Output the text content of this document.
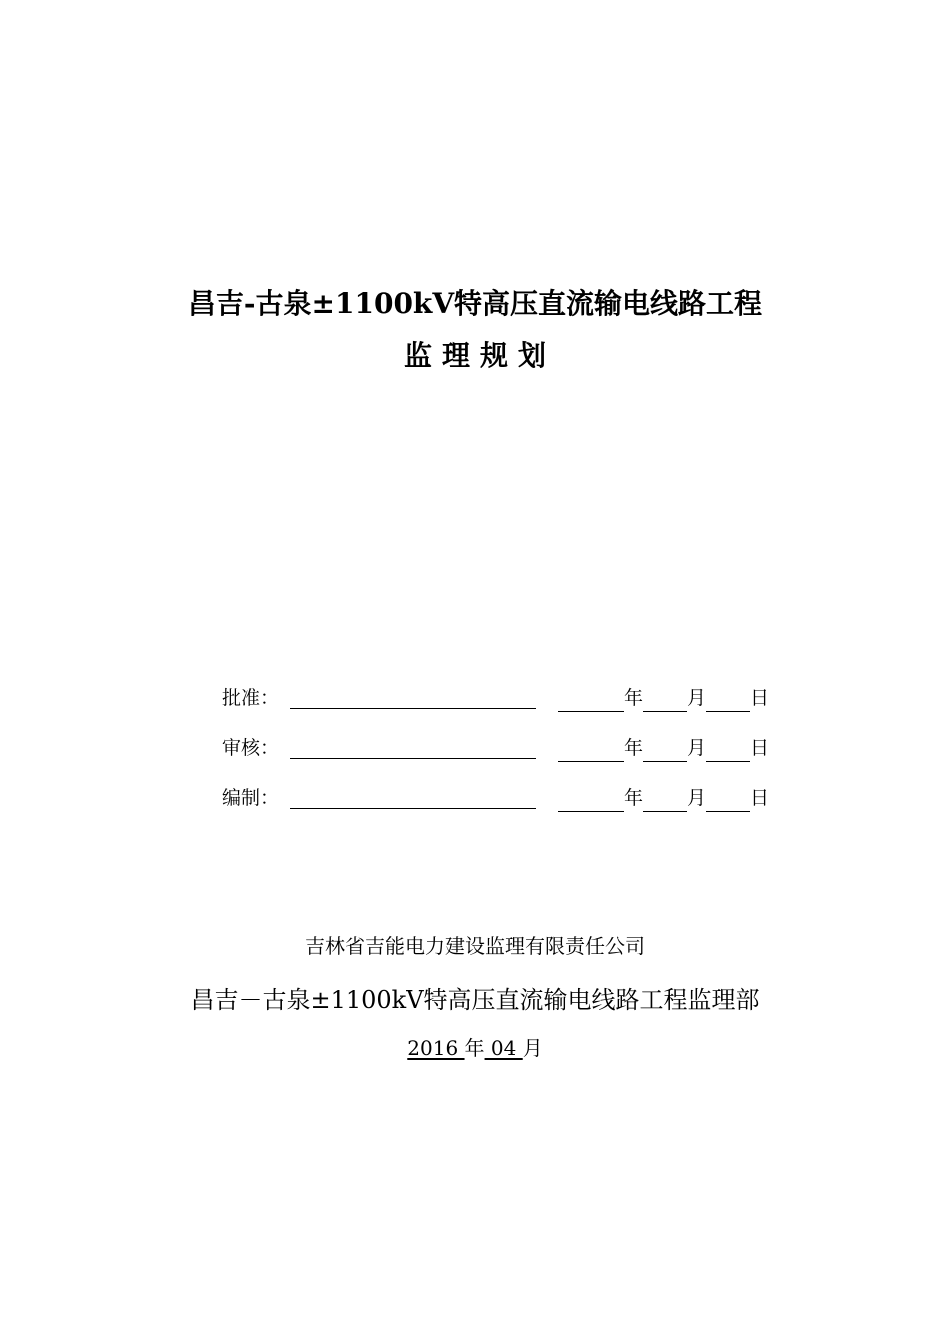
昌吉-古泉±1100kV特高压直流输电线路工程
监理规划
批准：	年 月 日
审核：	年 月 日
编制：	年 月 日
吉林省吉能电力建设监理有限责任公司
昌吉－古泉±1100kV特高压直流输电线路工程监理部
2016 年 04 月
